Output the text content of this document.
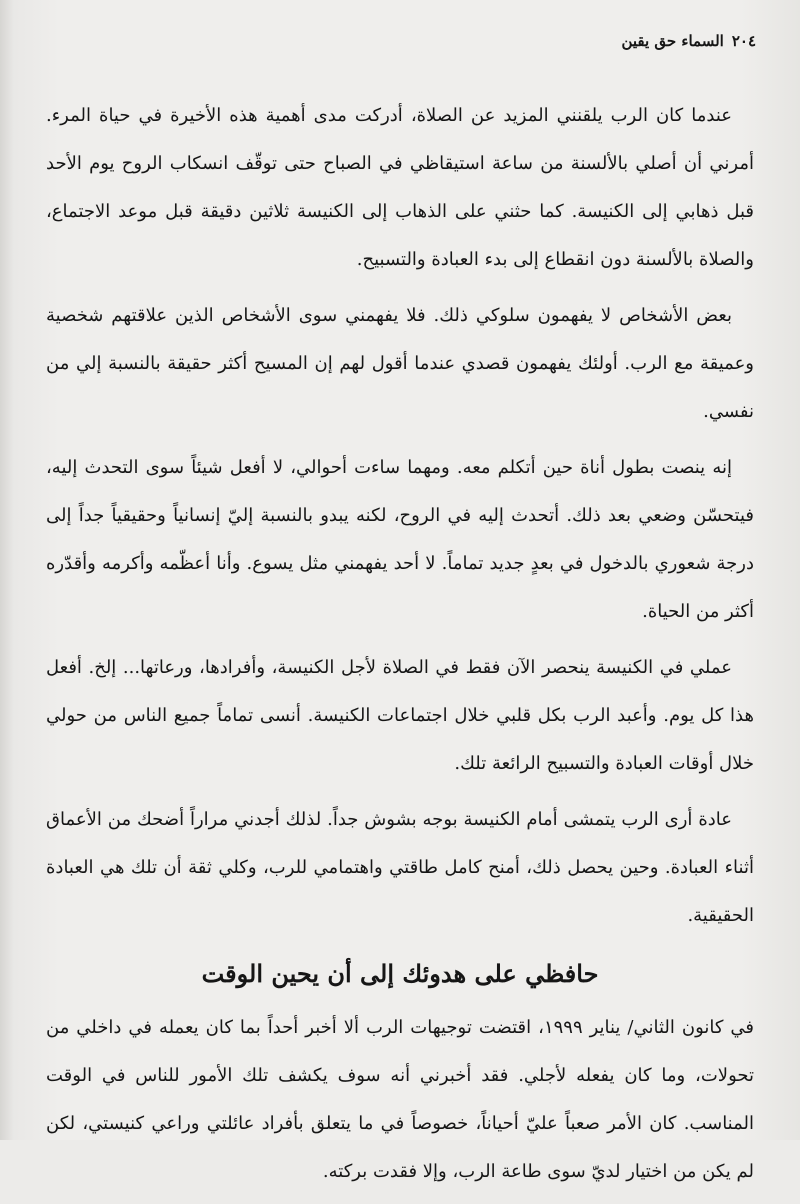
٢٠٤السماء حق يقين

عندما كان الرب يلقنني المزيد عن الصلاة، أدركت مدى أهمية هذه الأخيرة في حياة المرء. أمرني أن أصلي بالألسنة من ساعة استيقاظي في الصباح حتى توقّف انسكاب الروح يوم الأحد قبل ذهابي إلى الكنيسة. كما حثني على الذهاب إلى الكنيسة ثلاثين دقيقة قبل موعد الاجتماع، والصلاة بالألسنة دون انقطاع إلى بدء العبادة والتسبيح.

بعض الأشخاص لا يفهمون سلوكي ذلك. فلا يفهمني سوى الأشخاص الذين علاقتهم شخصية وعميقة مع الرب. أولئك يفهمون قصدي عندما أقول لهم إن المسيح أكثر حقيقة بالنسبة إلي من نفسي.

إنه ينصت بطول أناة حين أتكلم معه. ومهما ساءت أحوالي، لا أفعل شيئاً سوى التحدث إليه، فيتحسّن وضعي بعد ذلك. أتحدث إليه في الروح، لكنه يبدو بالنسبة إليّ إنسانياً وحقيقياً جداً إلى درجة شعوري بالدخول في بعدٍ جديد تماماً. لا أحد يفهمني مثل يسوع. وأنا أعظّمه وأكرمه وأقدّره أكثر من الحياة.

عملي في الكنيسة ينحصر الآن فقط في الصلاة لأجل الكنيسة، وأفرادها، ورعاتها... إلخ. أفعل هذا كل يوم. وأعبد الرب بكل قلبي خلال اجتماعات الكنيسة. أنسى تماماً جميع الناس من حولي خلال أوقات العبادة والتسبيح الرائعة تلك.

عادة أرى الرب يتمشى أمام الكنيسة بوجه بشوش جداً. لذلك أجدني مراراً أضحك من الأعماق أثناء العبادة. وحين يحصل ذلك، أمنح كامل طاقتي واهتمامي للرب، وكلي ثقة أن تلك هي العبادة الحقيقية.

حافظي على هدوئك إلى أن يحين الوقت

في كانون الثاني/ يناير ١٩٩٩، اقتضت توجيهات الرب ألا أخبر أحداً بما كان يعمله في داخلي من تحولات، وما كان يفعله لأجلي. فقد أخبرني أنه سوف يكشف تلك الأمور للناس في الوقت المناسب. كان الأمر صعباً عليّ أحياناً، خصوصاً في ما يتعلق بأفراد عائلتي وراعي كنيستي، لكن لم يكن من اختيار لديّ سوى طاعة الرب، وإلا فقدت بركته.
